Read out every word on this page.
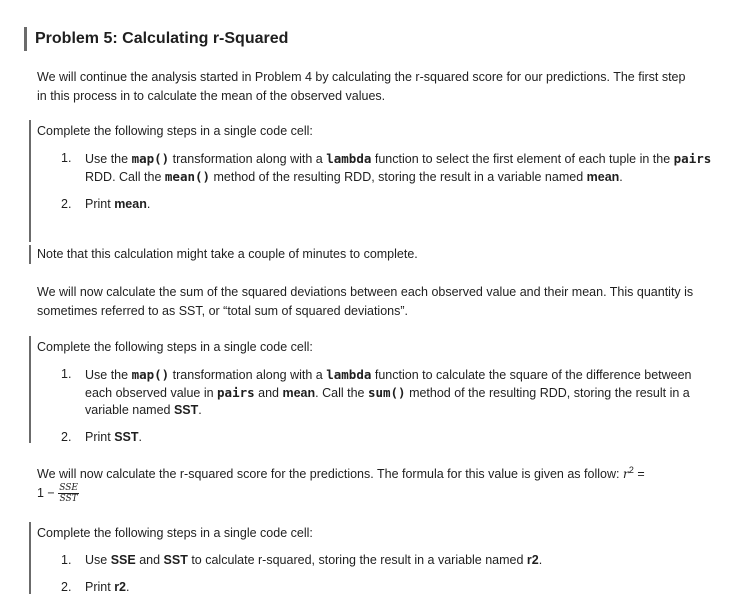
Problem 5: Calculating r-Squared
We will continue the analysis started in Problem 4 by calculating the r-squared score for our predictions. The first step in this process in to calculate the mean of the observed values.

Complete the following steps in a single code cell:

1. Use the map() transformation along with a lambda function to select the first element of each tuple in the pairs RDD. Call the mean() method of the resulting RDD, storing the result in a variable named mean.
2. Print mean.
Note that this calculation might take a couple of minutes to complete.
We will now calculate the sum of the squared deviations between each observed value and their mean. This quantity is sometimes referred to as SST, or “total sum of squared deviations”.

Complete the following steps in a single code cell:

1. Use the map() transformation along with a lambda function to calculate the square of the difference between each observed value in pairs and mean. Call the sum() method of the resulting RDD, storing the result in a variable named SST.
2. Print SST.
We will now calculate the r-squared score for the predictions. The formula for this value is given as follow: $r^2$ =
$1 - \frac{\text{SSE}}{\text{SST}}$

Complete the following steps in a single code cell:

1. Use SSE and SST to calculate r-squared, storing the result in a variable named r2.
2. Print r2.
